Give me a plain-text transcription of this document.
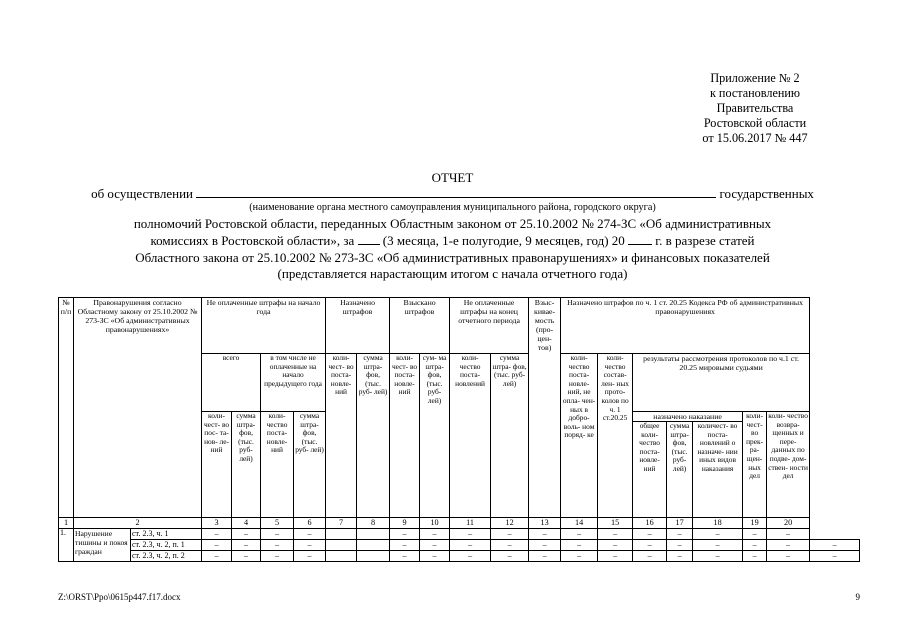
Приложение № 2
к постановлению
Правительства
Ростовской области
от 15.06.2017 № 447
ОТЧЕТ
об осуществлении	государственных
(наименование органа местного самоуправления муниципального района, городского округа)
полномочий Ростовской области, переданных Областным законом от 25.10.2002 № 274-ЗС «Об административных
комиссиях в Ростовской области», за (3 месяца, 1-е полугодие, 9 месяцев, год) 20 г. в разрезе статей
Областного закона от 25.10.2002 № 273-ЗС «Об административных правонарушениях» и финансовых показателей
(представляется нарастающим итогом с начала отчетного года)
№ п/п	Правонарушения согласно Областному закону от 25.10.2002 № 273-ЗС «Об административных правонарушениях»		Не оплаченные штрафы на начало года				Назначено штрафов		Взыскано штрафов		Не оплаченные штрафы на конец отчетного периода		Взыс- кивае- мость (про- цен- тов)	Назначено штрафов по ч. 1 ст. 20.25 Кодекса РФ об административных правонарушениях							
			всего		в том числе не оплаченные на начало предыдущего года		коли- чест- во поста- новле- ний	сумма штра- фов, (тыс. руб- лей)	коли- чест- во поста- новле- ний	сум- ма штра- фов, (тыс. руб- лей)	коли- чество поста- новлений	сумма штра- фов, (тыс. руб- лей)		коли- чество поста- новле- ний, не опла- чен- ных в добро- воль- ном поряд- ке	коли- чество состав- лен- ных прото- колов по ч. 1 ст.20.25	результаты рассмотрения протоколов по ч.1 ст. 20.25 мировыми судьями					
			коли- чест- во пос- та- нов- ле- ний	сумма штра- фов, (тыс. руб- лей)	коли- чество поста- новле- ний	сумма штра- фов, (тыс. руб- лей)										назначено наказание			коли- чест- во прек- ра- щен- ных дел	коли- чество возвра- щенных и пере- данных по подве- дом- ствен- ности дел	
																общее коли- чество поста- новле- ний	сумма штра- фов, (тыс. руб- лей)	количест- во поста- новлений о назначе- нии иных видов наказания			
1	2		3	4	5	6	7	8	9	10	11	12	13	14	15	16	17	18	19	20	
1.	Нарушение тишины и покоя граждан	ст. 2.3, ч. 1	–	–	–	–			–	–	–	–	–	–	–	–	–	–	–	–	
		ст. 2.3, ч. 2, п. 1	–	–	–	–			–	–	–	–	–	–	–	–	–	–	–	–	–
		ст. 2.3, ч. 2, п. 2	–	–	–	–			–	–	–	–	–	–	–	–	–	–	–	–	–
Z:\ORST\Ppo\0615p447.f17.docx	9
